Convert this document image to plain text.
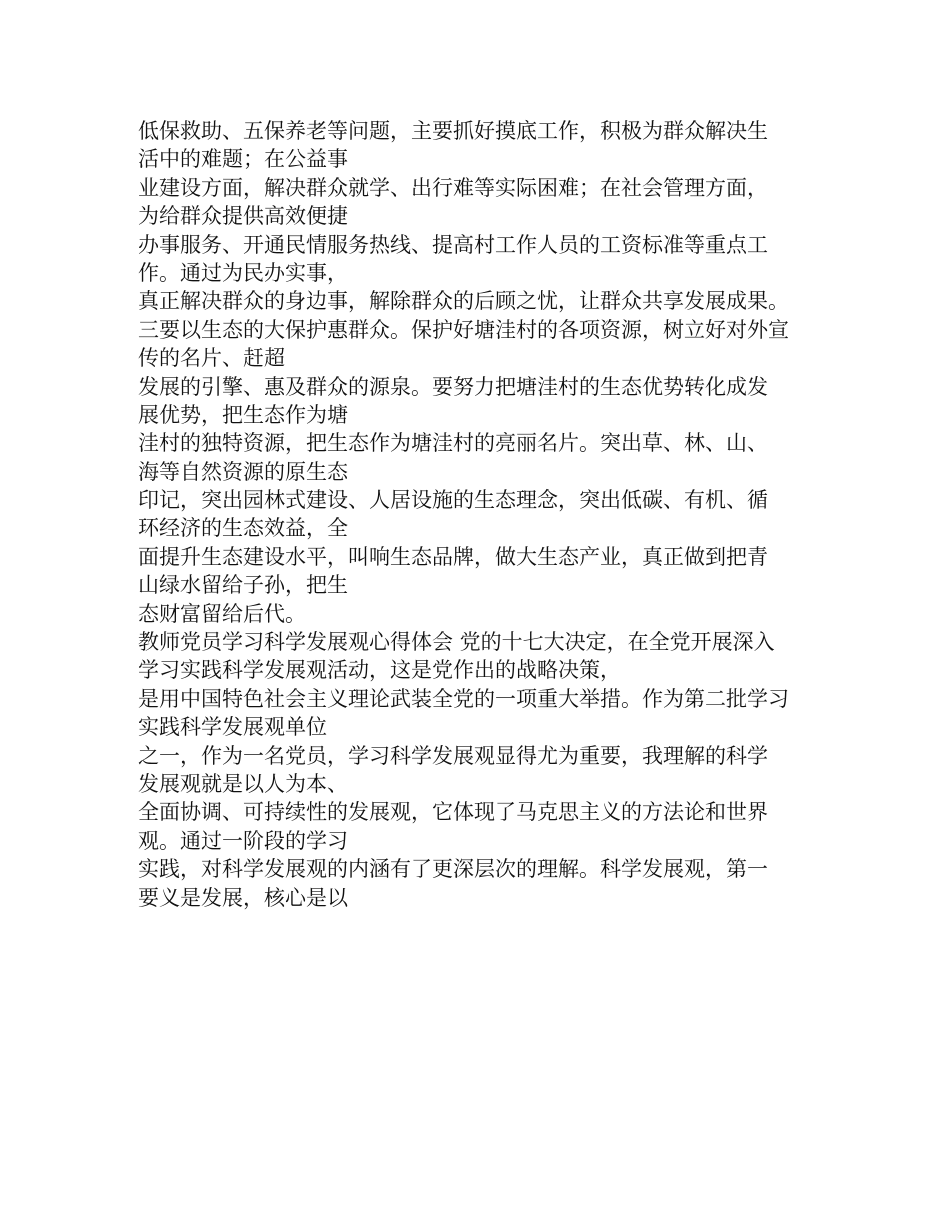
低保救助、五保养老等问题，主要抓好摸底工作，积极为群众解决生
活中的难题；在公益事
业建设方面，解决群众就学、出行难等实际困难；在社会管理方面，
为给群众提供高效便捷
办事服务、开通民情服务热线、提高村工作人员的工资标准等重点工
作。通过为民办实事，
真正解决群众的身边事，解除群众的后顾之忧，让群众共享发展成果。
三要以生态的大保护惠群众。保护好塘洼村的各项资源，树立好对外宣
传的名片、赶超
发展的引擎、惠及群众的源泉。要努力把塘洼村的生态优势转化成发
展优势，把生态作为塘
洼村的独特资源，把生态作为塘洼村的亮丽名片。突出草、林、山、
海等自然资源的原生态
印记，突出园林式建设、人居设施的生态理念，突出低碳、有机、循
环经济的生态效益，全
面提升生态建设水平，叫响生态品牌，做大生态产业，真正做到把青
山绿水留给子孙，把生
态财富留给后代。
教师党员学习科学发展观心得体会 党的十七大决定，在全党开展深入
学习实践科学发展观活动，这是党作出的战略决策，
是用中国特色社会主义理论武装全党的一项重大举措。作为第二批学习
实践科学发展观单位
之一，作为一名党员，学习科学发展观显得尤为重要，我理解的科学
发展观就是以人为本、
全面协调、可持续性的发展观，它体现了马克思主义的方法论和世界
观。通过一阶段的学习
实践，对科学发展观的内涵有了更深层次的理解。科学发展观，第一
要义是发展，核心是以
